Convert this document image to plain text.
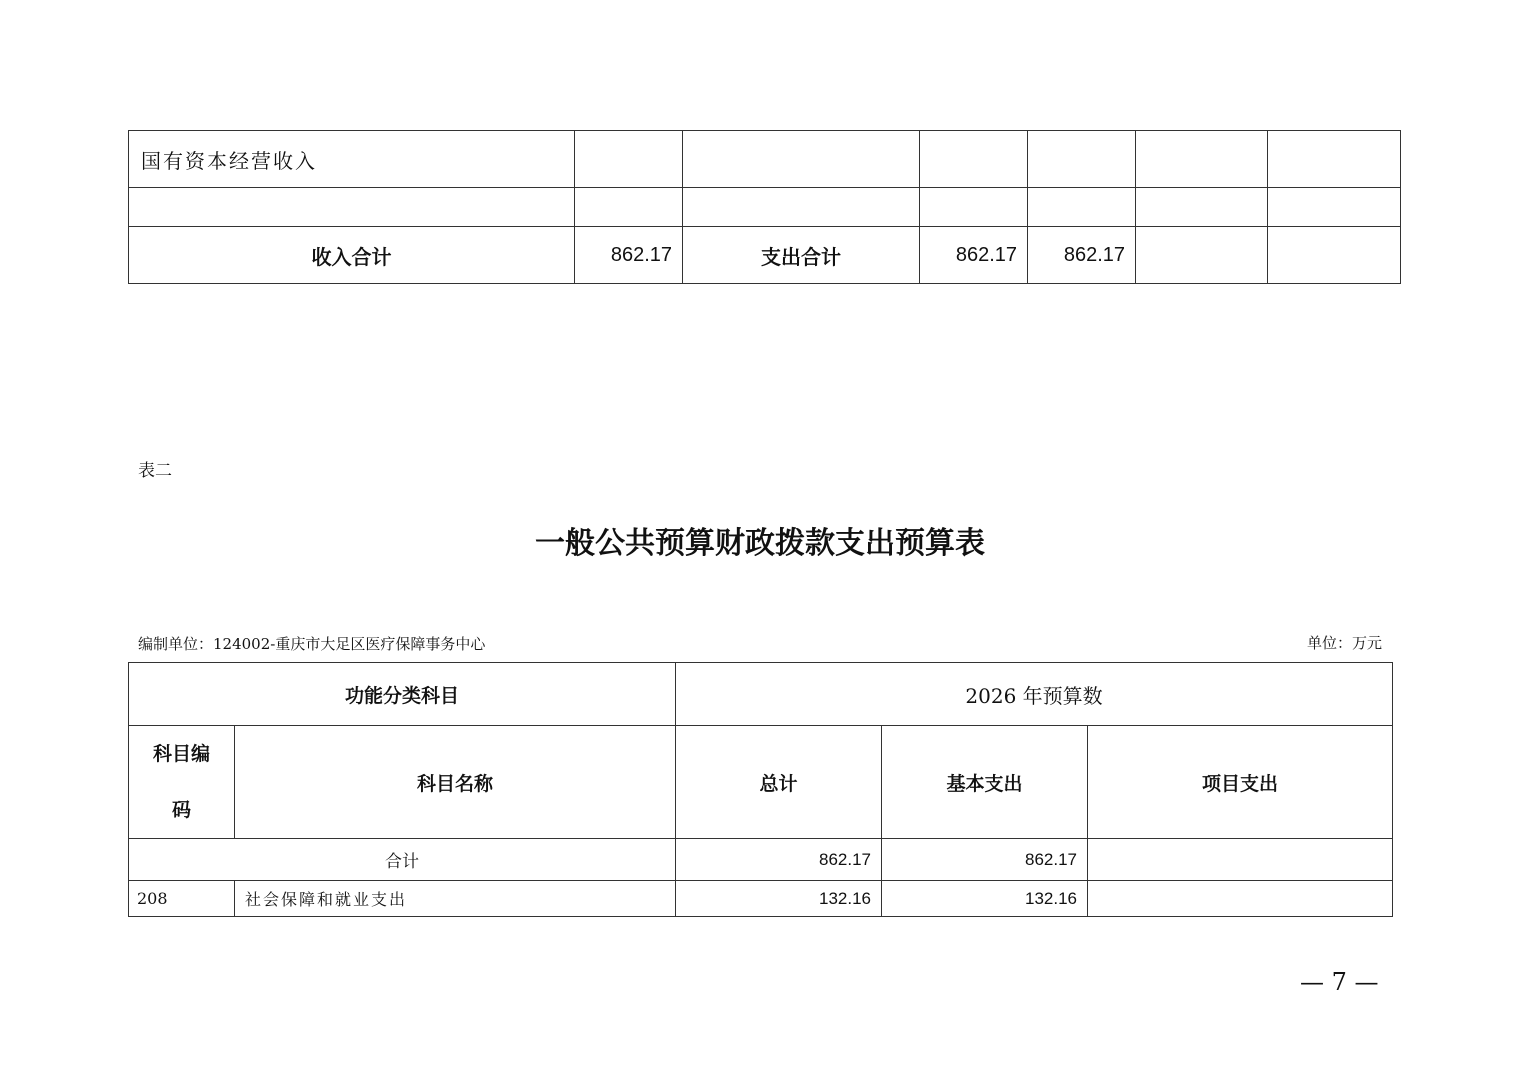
国有资本经营收入						

收入合计	862.17	支出合计	862.17	862.17		
表二
一般公共预算财政拨款支出预算表
编制单位：124002-重庆市大足区医疗保障事务中心	单位：万元
功能分类科目		2026 年预算数		
科目编
码	科目名称	总计	基本支出	项目支出
合计		862.17	862.17	
208	社会保障和就业支出	132.16	132.16	
— 7 —
